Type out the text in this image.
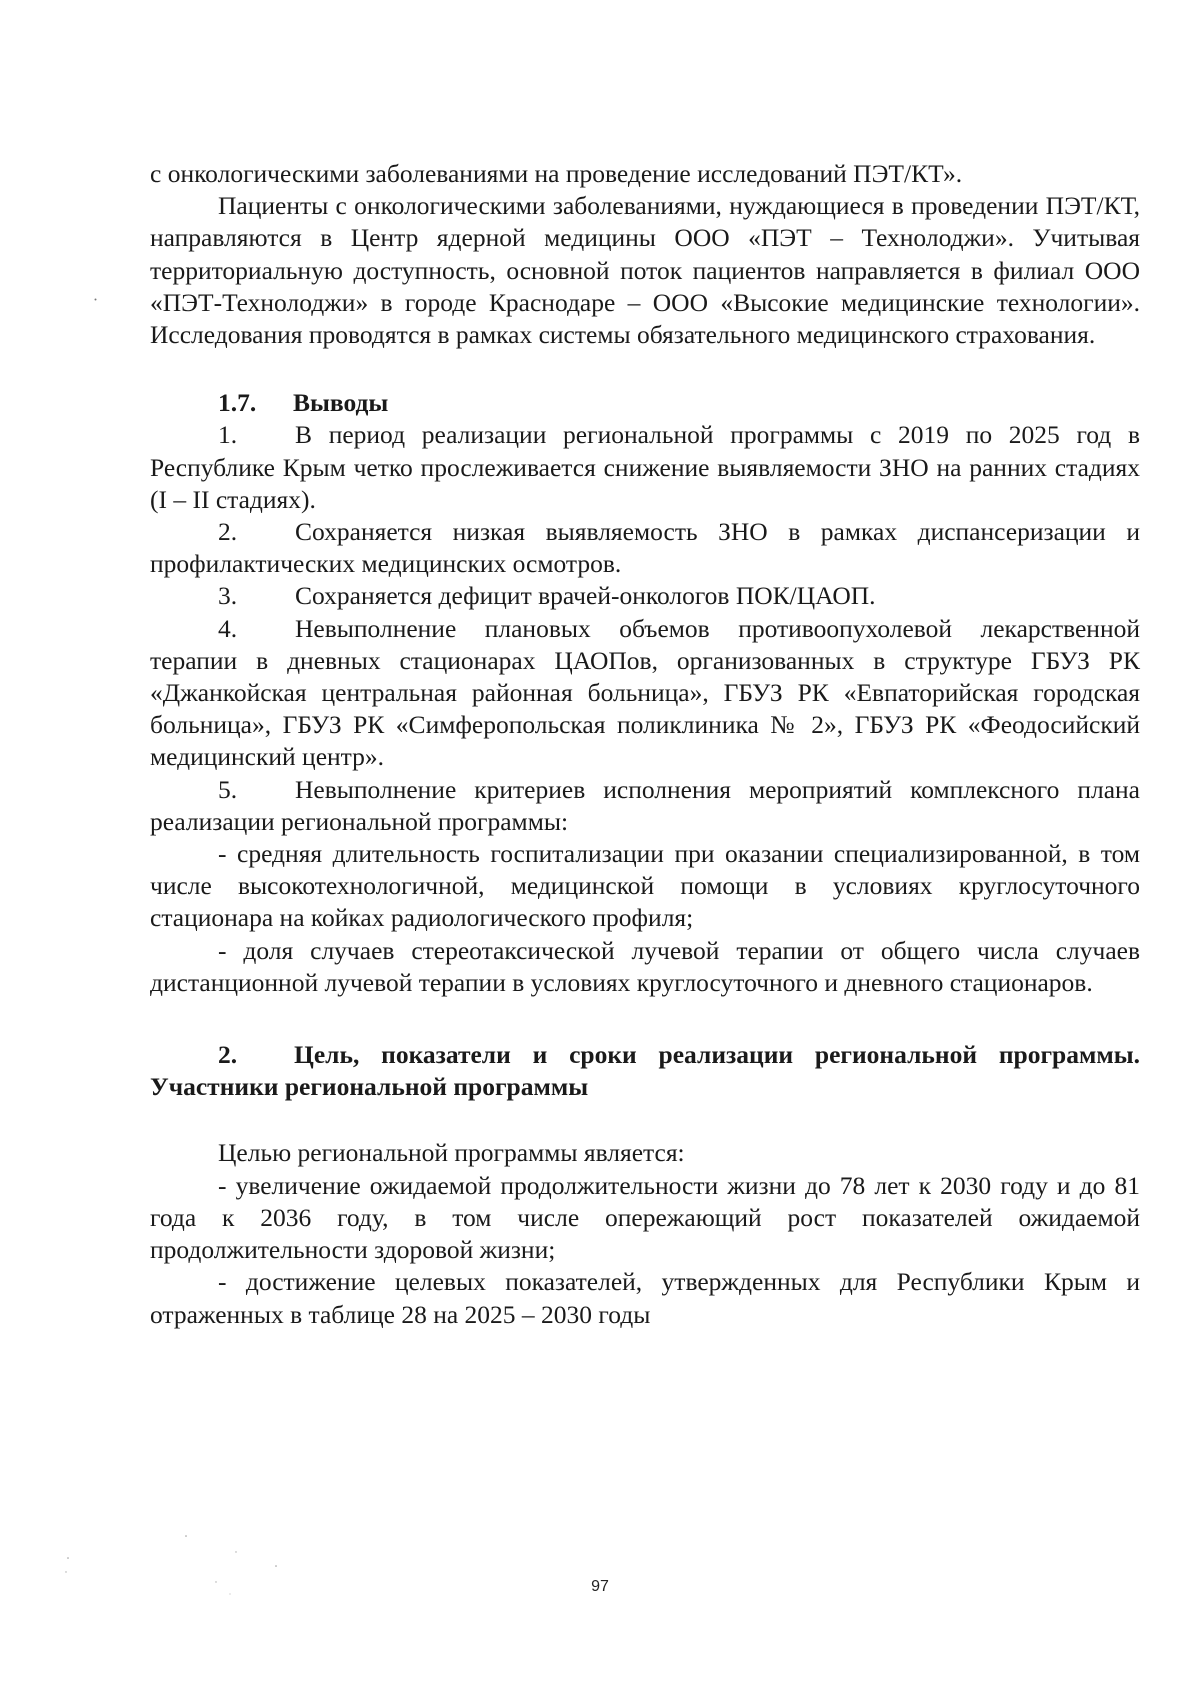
с онкологическими заболеваниями на проведение исследований ПЭТ/КТ».

Пациенты с онкологическими заболеваниями, нуждающиеся в проведении ПЭТ/КТ, направляются в Центр ядерной медицины ООО «ПЭТ – Технолоджи». Учитывая территориальную доступность, основной поток пациентов направляется в филиал ООО «ПЭТ-Технолоджи» в городе Краснодаре – ООО «Высокие медицинские технологии». Исследования проводятся в рамках системы обязательного медицинского страхования.

1.7. Выводы

1. В период реализации региональной программы с 2019 по 2025 год в Республике Крым четко прослеживается снижение выявляемости ЗНО на ранних стадиях (I – II стадиях).

2. Сохраняется низкая выявляемость ЗНО в рамках диспансеризации и профилактических медицинских осмотров.

3. Сохраняется дефицит врачей-онкологов ПОК/ЦАОП.

4. Невыполнение плановых объемов противоопухолевой лекарственной терапии в дневных стационарах ЦАОПов, организованных в структуре ГБУЗ РК «Джанкойская центральная районная больница», ГБУЗ РК «Евпаторийская городская больница», ГБУЗ РК «Симферопольская поликлиника № 2», ГБУЗ РК «Феодосийский медицинский центр».

5. Невыполнение критериев исполнения мероприятий комплексного плана реализации региональной программы:

- средняя длительность госпитализации при оказании специализированной, в том числе высокотехнологичной, медицинской помощи в условиях круглосуточного стационара на койках радиологического профиля;

- доля случаев стереотаксической лучевой терапии от общего числа случаев дистанционной лучевой терапии в условиях круглосуточного и дневного стационаров.

2. Цель, показатели и сроки реализации региональной программы. Участники региональной программы

Целью региональной программы является:

- увеличение ожидаемой продолжительности жизни до 78 лет к 2030 году и до 81 года к 2036 году, в том числе опережающий рост показателей ожидаемой продолжительности здоровой жизни;

- достижение целевых показателей, утвержденных для Республики Крым и отраженных в таблице 28 на 2025 – 2030 годы

97
